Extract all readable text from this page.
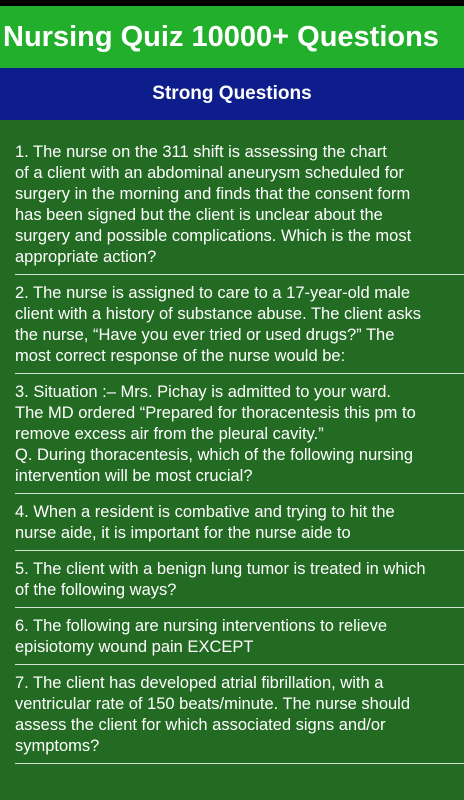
Nursing Quiz 10000+ Questions
Strong Questions
1. The nurse on the 311 shift is assessing the chart
of a client with an abdominal aneurysm scheduled for
surgery in the morning and finds that the consent form
has been signed but the client is unclear about the
surgery and possible complications. Which is the most
appropriate action?
2. The nurse is assigned to care to a 17-year-old male
client with a history of substance abuse. The client asks
the nurse, “Have you ever tried or used drugs?” The
most correct response of the nurse would be:
3. Situation :– Mrs. Pichay is admitted to your ward.
The MD ordered “Prepared for thoracentesis this pm to
remove excess air from the pleural cavity.”
Q. During thoracentesis, which of the following nursing
intervention will be most crucial?
4. When a resident is combative and trying to hit the
nurse aide, it is important for the nurse aide to
5. The client with a benign lung tumor is treated in which
of the following ways?
6. The following are nursing interventions to relieve
episiotomy wound pain EXCEPT
7. The client has developed atrial fibrillation, with a
ventricular rate of 150 beats/minute. The nurse should
assess the client for which associated signs and/or
symptoms?
